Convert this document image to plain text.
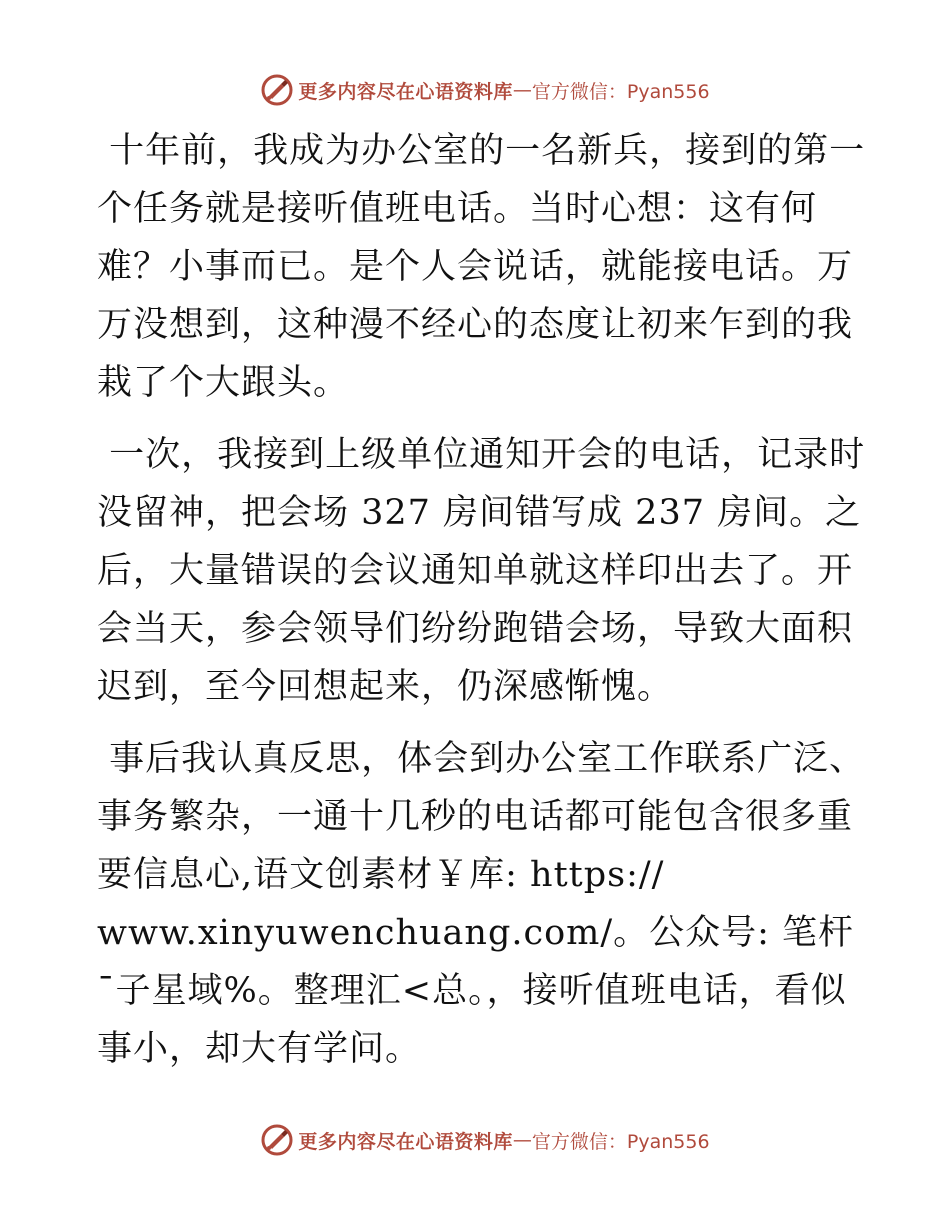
更多内容尽在心语资料库 — 官方微信：Pyan556

十年前，我成为办公室的一名新兵，接到的第一个任务就是接听值班电话。当时心想：这有何难？小事而已。是个人会说话，就能接电话。万万没想到，这种漫不经心的态度让初来乍到的我栽了个大跟头。

一次，我接到上级单位通知开会的电话，记录时没留神，把会场 327 房间错写成 237 房间。之后，大量错误的会议通知单就这样印出去了。开会当天，参会领导们纷纷跑错会场，导致大面积迟到，至今回想起来，仍深感惭愧。

事后我认真反思，体会到办公室工作联系广泛、事务繁杂，一通十几秒的电话都可能包含很多重要信息心,语文创素材￥库: https://
www.xinyuwenchuang.com/。公众号: 笔杆¯子星域%。整理汇<总。，接听值班电话，看似事小，却大有学问。

更多内容尽在心语资料库 — 官方微信：Pyan556
